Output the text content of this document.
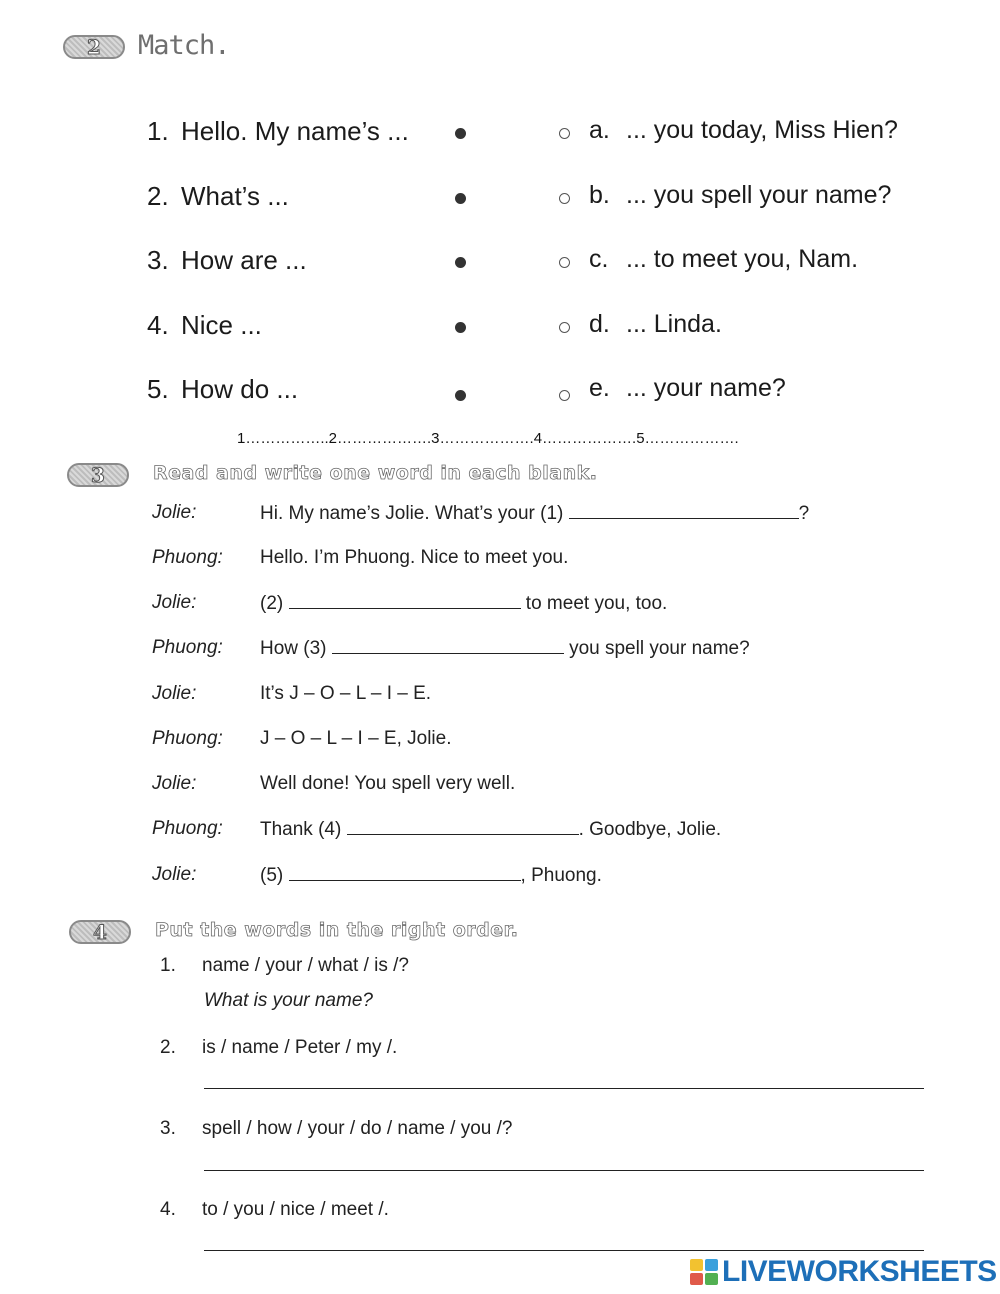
2 Match.
1. Hello. My name’s ...	a. ... you today, Miss Hien?
2. What’s ...	b. ... you spell your name?
3. How are ...	c. ... to meet you, Nam.
4. Nice ...	d. ... Linda.
5. How do ...	e. ... your name?
1……………..2……………….3……………….4……………….5……………….
3	Read and write one word in each blank.
Jolie:	Hi. My name’s Jolie. What’s your (1)	?
Phuong: Hello. I’m Phuong. Nice to meet you.
Jolie:	(2)	to meet you, too.
Phuong: How (3)	you spell your name?
Jolie:	It’s J – O – L – I – E.
Phuong: J – O – L – I – E, Jolie.
Jolie:	Well done! You spell very well.
Phuong: Thank (4)	. Goodbye, Jolie.
Jolie:	(5)	, Phuong.
4	Put the words in the right order.
1. name / your / what / is /?
What is your name?
2. is / name / Peter / my /.
3. spell / how / your / do / name / you /?
4. to / you / nice / meet /.
LIVEWORKSHEETS
